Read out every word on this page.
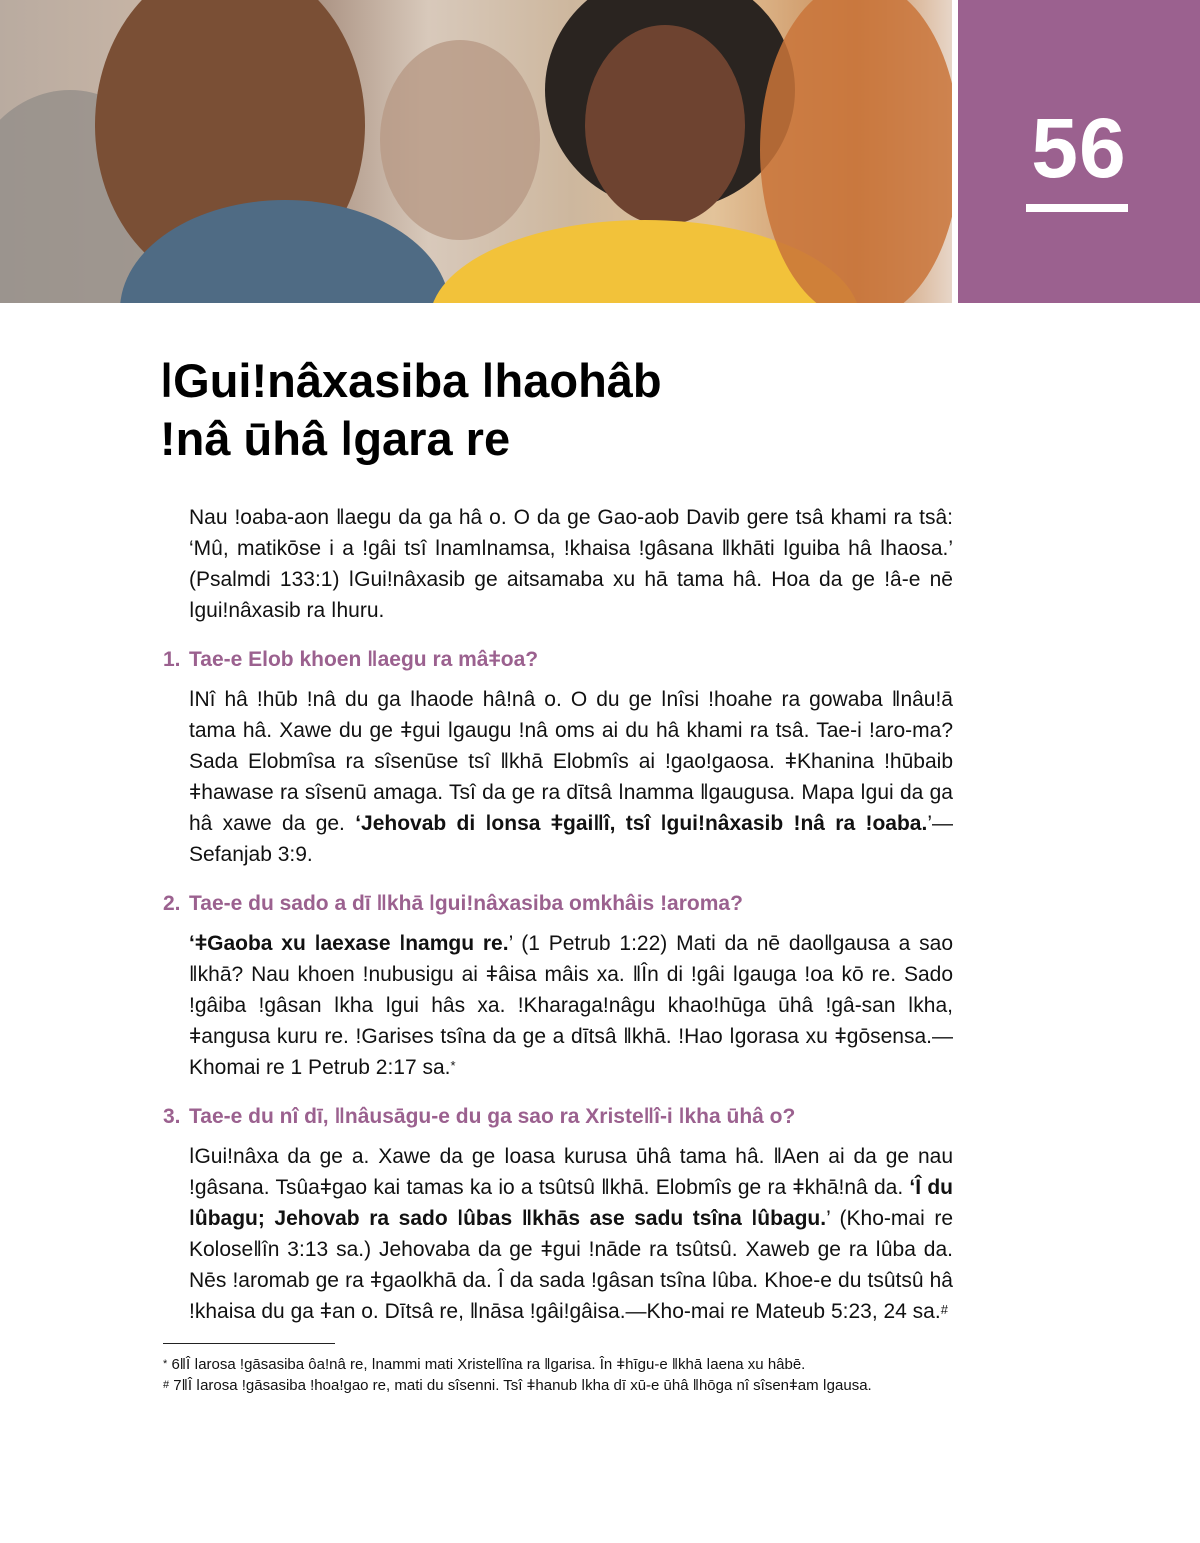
56
ǀGuiǃnâxasiba ǀhaohâb
ǃnâ ūhâ ǀgara re

Nau ǃoaba-aon ǁaegu da ga hâ o. O da ge Gao-aob Davib gere tsâ khami ra tsâ: ‘Mû, matikōse i a ǃgâi tsî ǀnamǀnamsa, ǃkhaisa ǃgâsana ǁkhāti ǀguiba hâ ǀhaosa.’ (Psalmdi 133:1) ǀGuiǃnâxasib ge aitsamaba xu hā tama hâ. Hoa da ge ǃâ-e nē ǀguiǃnâxasib ra ǀhuru.

1. Tae-e Elob khoen ǁaegu ra mâǂoa?

ǀNî hâ ǃhūb ǃnâ du ga ǀhaode hâǃnâ o. O du ge ǀnîsi ǃhoahe ra gowaba ǁnâuǃā tama hâ. Xawe du ge ǂgui ǀgaugu ǃnâ oms ai du hâ khami ra tsâ. Tae-i ǃaro-ma? Sada Elobmîsa ra sîsenūse tsî ǁkhā Elobmîs ai ǃgaoǃgaosa. ǂKhanina ǃhūbaib ǂhawase ra sîsenū amaga. Tsî da ge ra dītsâ ǀnamma ǁgaugusa. Mapa ǀgui da ga hâ xawe da ge. ‘Jehovab di ǀonsa ǂgaiǁî, tsî ǀguiǃnâxasib ǃnâ ra ǃoaba.’—Sefanjab 3:9.

2. Tae-e du sado a dī ǁkhā ǀguiǃnâxasiba omkhâis ǃaroma?

‘ǂGaoba xu ǀaexase ǀnamgu re.’ (1 Petrub 1:22) Mati da nē daoǁgausa a sao ǁkhā? Nau khoen ǃnubusigu ai ǂâisa mâis xa. ǁÎn di ǃgâi ǀgauga ǃoa kō re. Sado ǃgâiba ǃgâsan ǀkha ǀgui hâs xa. ǃKharagaǃnâgu khaoǃhūga ūhâ ǃgâ-san ǀkha, ǂangusa kuru re. ǃGarises tsîna da ge a dītsâ ǁkhā. ǃHao ǀgorasa xu ǂgōsensa.—Khomai re 1 Petrub 2:17 sa.*

3. Tae-e du nî dī, ǁnâusāgu-e du ga sao ra Xristeǁî-i ǀkha ūhâ o?

ǀGuiǃnâxa da ge a. Xawe da ge ǀoasa kurusa ūhâ tama hâ. ǁAen ai da ge nau ǃgâsana. Tsûaǂgao kai tamas ka io a tsûtsû ǁkhā. Elobmîs ge ra ǂkhāǃnâ da. ‘Î du ǀûbagu; Jehovab ra sado ǀûbas ǁkhās ase sadu tsîna ǀûbagu.’ (Kho-mai re Koloseǁîn 3:13 sa.) Jehovaba da ge ǂgui ǃnāde ra tsûtsû. Xaweb ge ra ǀûba da. Nēs ǃaromab ge ra ǂgaoǀkhā da. Î da sada ǃgâsan tsîna ǀûba. Khoe-e du tsûtsû hâ ǃkhaisa du ga ǂan o. Dītsâ re, ǁnāsa ǃgâiǃgâisa.—Kho-mai re Mateub 5:23, 24 sa.#

* 6ǁÎ ǀarosa ǃgāsasiba ôaǃnâ re, ǀnammi mati Xristeǁîna ra ǁgarisa. În ǂhīgu-e ǁkhā ǀaena xu hâbē.

# 7ǁÎ ǀarosa ǃgāsasiba ǃhoaǃgao re, mati du sîsenni. Tsî ǂhanub ǀkha dī xū-e ūhâ ǁhōga nî sîsenǂam ǀgausa.
